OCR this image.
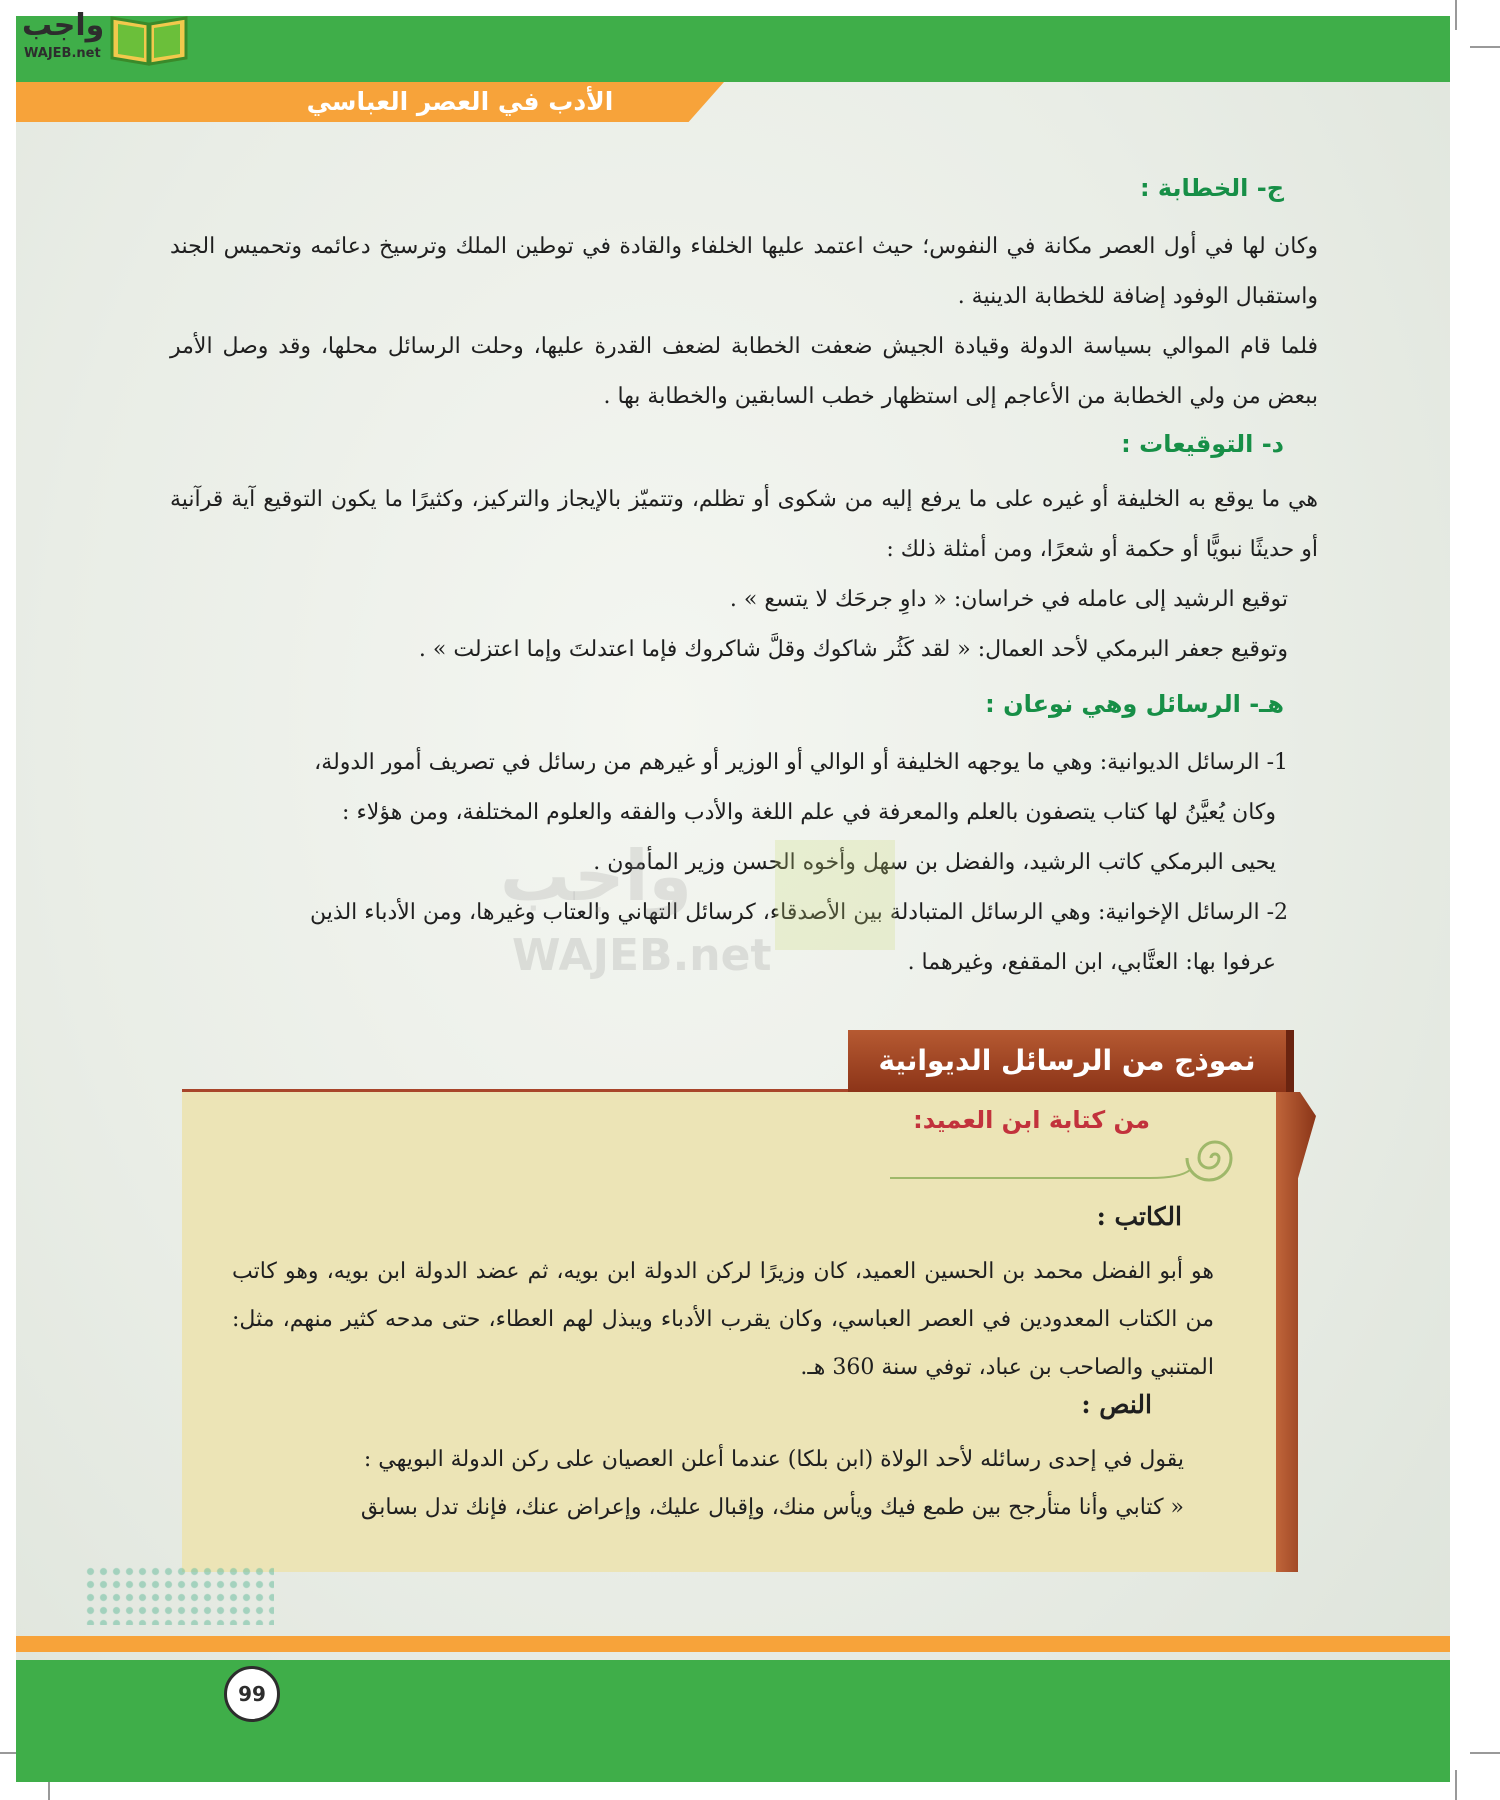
واجب
WAJEB.net
الأدب في العصر العباسي
ج- الخطابة :

وكان لها في أول العصر مكانة في النفوس؛ حيث اعتمد عليها الخلفاء والقادة في توطين الملك وترسيخ دعائمه وتحميس الجند واستقبال الوفود إضافة للخطابة الدينية .

فلما قام الموالي بسياسة الدولة وقيادة الجيش ضعفت الخطابة لضعف القدرة عليها، وحلت الرسائل محلها، وقد وصل الأمر ببعض من ولي الخطابة من الأعاجم إلى استظهار خطب السابقين والخطابة بها .

د- التوقيعات :

هي ما يوقع به الخليفة أو غيره على ما يرفع إليه من شكوى أو تظلم، وتتميّز بالإيجاز والتركيز، وكثيرًا ما يكون التوقيع آية قرآنية أو حديثًا نبويًّا أو حكمة أو شعرًا، ومن أمثلة ذلك :

توقيع الرشيد إلى عامله في خراسان: « داوِ جرحَك لا يتسع » .

وتوقيع جعفر البرمكي لأحد العمال: « لقد كَثُر شاكوك وقلَّ شاكروك فإما اعتدلتَ وإما اعتزلت » .

هـ- الرسائل وهي نوعان :

1- الرسائل الديوانية: وهي ما يوجهه الخليفة أو الوالي أو الوزير أو غيرهم من رسائل في تصريف أمور الدولة،

وكان يُعيَّنُ لها كتاب يتصفون بالعلم والمعرفة في علم اللغة والأدب والفقه والعلوم المختلفة، ومن هؤلاء :

يحيى البرمكي كاتب الرشيد، والفضل بن سهل وأخوه الحسن وزير المأمون .

2- الرسائل الإخوانية: وهي الرسائل المتبادلة بين الأصدقاء، كرسائل التهاني والعتاب وغيرها، ومن الأدباء الذين

عرفوا بها: العتَّابي، ابن المقفع، وغيرهما .

واجب
WAJEB.net
نموذج من الرسائل الديوانية
من كتابة ابن العميد:
الكاتب :
هو أبو الفضل محمد بن الحسين العميد، كان وزيرًا لركن الدولة ابن بويه، ثم عضد الدولة ابن بويه، وهو كاتب من الكتاب المعدودين في العصر العباسي، وكان يقرب الأدباء ويبذل لهم العطاء، حتى مدحه كثير منهم، مثل: المتنبي والصاحب بن عباد، توفي سنة 360 هـ.
النص :
يقول في إحدى رسائله لأحد الولاة (ابن بلكا) عندما أعلن العصيان على ركن الدولة البويهي :
« كتابي وأنا متأرجح بين طمع فيك ويأس منك، وإقبال عليك، وإعراض عنك، فإنك تدل بسابق
99
